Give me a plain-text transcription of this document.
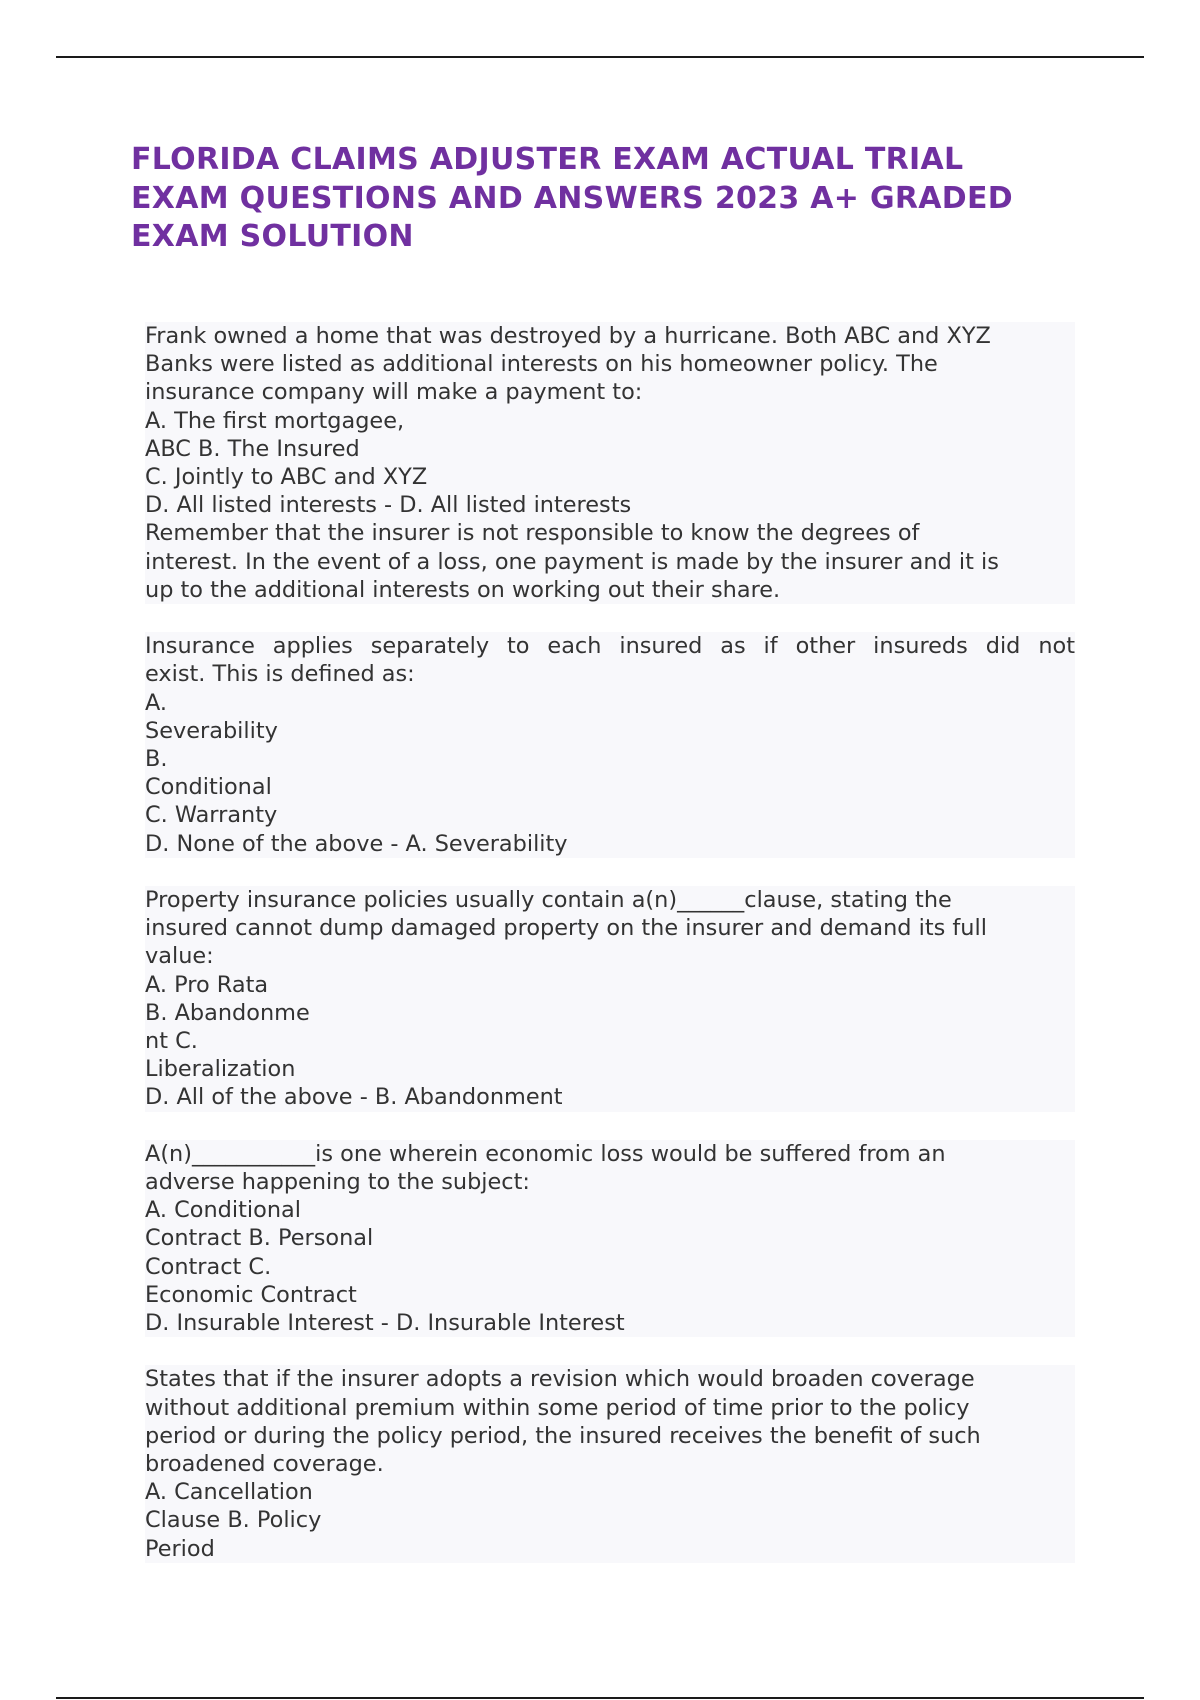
FLORIDA CLAIMS ADJUSTER EXAM ACTUAL TRIAL
EXAM QUESTIONS AND ANSWERS 2023 A+ GRADED
EXAM SOLUTION
Frank owned a home that was destroyed by a hurricane. Both ABC and XYZ
Banks were listed as additional interests on his homeowner policy. The
insurance company will make a payment to:
A. The first mortgagee,
ABC B. The Insured
C. Jointly to ABC and XYZ
D. All listed interests - D. All listed interests
Remember that the insurer is not responsible to know the degrees of
interest. In the event of a loss, one payment is made by the insurer and it is
up to the additional interests on working out their share.
Insurance applies separately to each insured as if other insureds did not
exist. This is defined as:
A.
Severability
B.
Conditional
C. Warranty
D. None of the above - A. Severability
Property insurance policies usually contain a(n)______clause, stating the
insured cannot dump damaged property on the insurer and demand its full
value:
A. Pro Rata
B. Abandonme
nt C.
Liberalization
D. All of the above - B. Abandonment
A(n)___________is one wherein economic loss would be suffered from an
adverse happening to the subject:
A. Conditional
Contract B. Personal
Contract C.
Economic Contract
D. Insurable Interest - D. Insurable Interest
States that if the insurer adopts a revision which would broaden coverage
without additional premium within some period of time prior to the policy
period or during the policy period, the insured receives the benefit of such
broadened coverage.
A. Cancellation
Clause B. Policy
Period
